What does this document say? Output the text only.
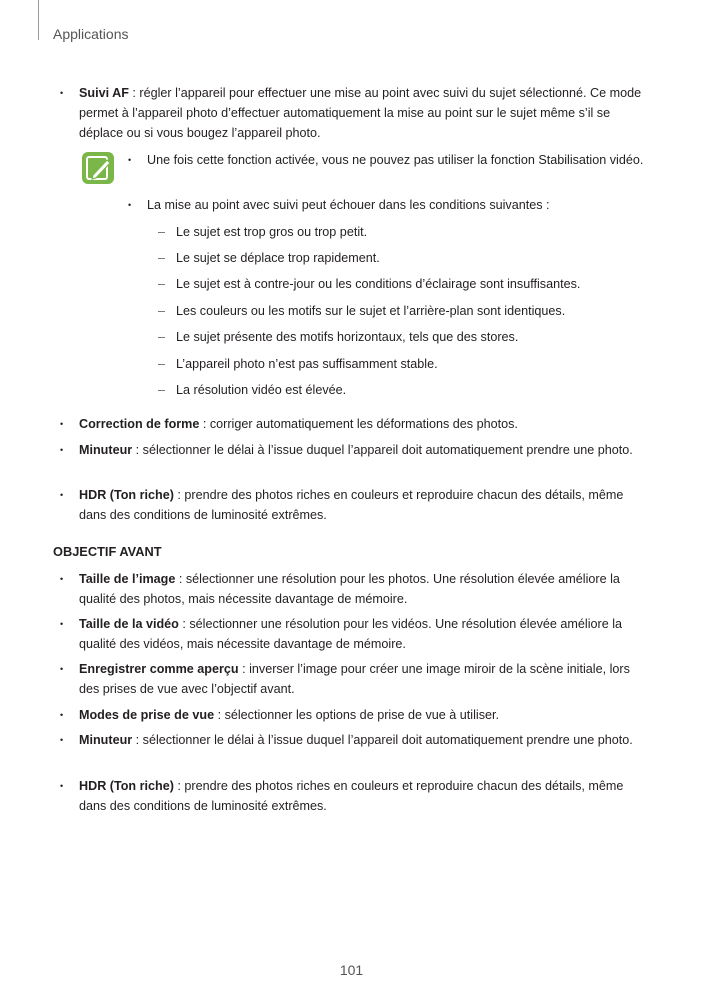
Applications
• Suivi AF : régler l’appareil pour effectuer une mise au point avec suivi du sujet sélectionné. Ce mode permet à l’appareil photo d’effectuer automatiquement la mise au point sur le sujet même s’il se déplace ou si vous bougez l’appareil photo.
• Une fois cette fonction activée, vous ne pouvez pas utiliser la fonction Stabilisation vidéo.
• La mise au point avec suivi peut échouer dans les conditions suivantes :
– Le sujet est trop gros ou trop petit.
– Le sujet se déplace trop rapidement.
– Le sujet est à contre-jour ou les conditions d’éclairage sont insuffisantes.
– Les couleurs ou les motifs sur le sujet et l’arrière-plan sont identiques.
– Le sujet présente des motifs horizontaux, tels que des stores.
– L’appareil photo n’est pas suffisamment stable.
– La résolution vidéo est élevée.
• Correction de forme : corriger automatiquement les déformations des photos.
• Minuteur : sélectionner le délai à l’issue duquel l’appareil doit automatiquement prendre une photo.
• HDR (Ton riche) : prendre des photos riches en couleurs et reproduire chacun des détails, même dans des conditions de luminosité extrêmes.
OBJECTIF AVANT
• Taille de l’image : sélectionner une résolution pour les photos. Une résolution élevée améliore la qualité des photos, mais nécessite davantage de mémoire.
• Taille de la vidéo : sélectionner une résolution pour les vidéos. Une résolution élevée améliore la qualité des vidéos, mais nécessite davantage de mémoire.
• Enregistrer comme aperçu : inverser l’image pour créer une image miroir de la scène initiale, lors des prises de vue avec l’objectif avant.
• Modes de prise de vue : sélectionner les options de prise de vue à utiliser.
• Minuteur : sélectionner le délai à l’issue duquel l’appareil doit automatiquement prendre une photo.
• HDR (Ton riche) : prendre des photos riches en couleurs et reproduire chacun des détails, même dans des conditions de luminosité extrêmes.
101
